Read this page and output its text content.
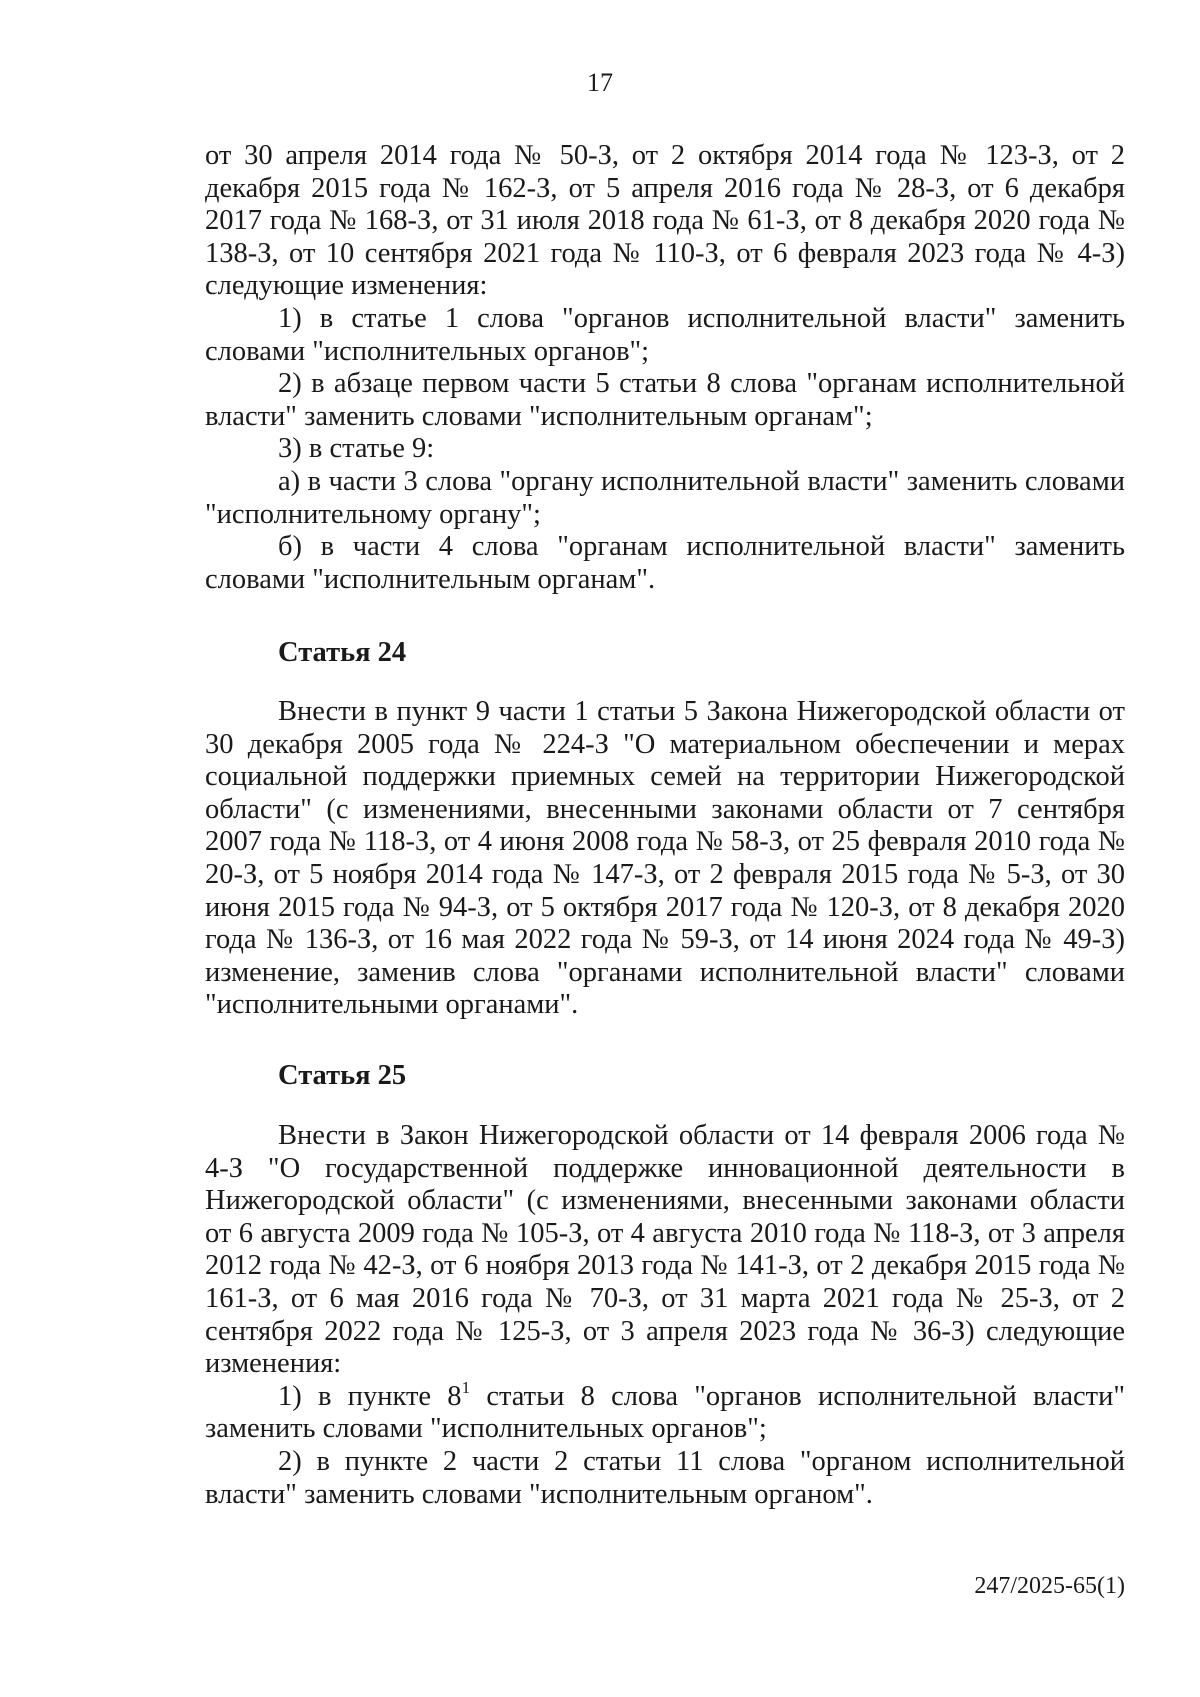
17

от 30 апреля 2014 года № 50-З, от 2 октября 2014 года № 123-З, от 2 декабря 2015 года № 162-З, от 5 апреля 2016 года № 28-З, от 6 декабря 2017 года № 168-З, от 31 июля 2018 года № 61-З, от 8 декабря 2020 года № 138-З, от 10 сентября 2021 года № 110-З, от 6 февраля 2023 года № 4-З) следующие изменения:

1) в статье 1 слова "органов исполнительной власти" заменить словами "исполнительных органов";

2) в абзаце первом части 5 статьи 8 слова "органам исполнительной власти" заменить словами "исполнительным органам";

3) в статье 9:

а) в части 3 слова "органу исполнительной власти" заменить словами "исполнительному органу";

б) в части 4 слова "органам исполнительной власти" заменить словами "исполнительным органам".

Статья 24

Внести в пункт 9 части 1 статьи 5 Закона Нижегородской области от 30 декабря 2005 года № 224-З "О материальном обеспечении и мерах социальной поддержки приемных семей на территории Нижегородской области" (с изменениями, внесенными законами области от 7 сентября 2007 года № 118-З, от 4 июня 2008 года № 58-З, от 25 февраля 2010 года № 20-З, от 5 ноября 2014 года № 147-З, от 2 февраля 2015 года № 5-З, от 30 июня 2015 года № 94-З, от 5 октября 2017 года № 120-З, от 8 декабря 2020 года № 136-З, от 16 мая 2022 года № 59-З, от 14 июня 2024 года № 49-З) изменение, заменив слова "органами исполнительной власти" словами "исполнительными органами".

Статья 25

Внести в Закон Нижегородской области от 14 февраля 2006 года № 4-З "О государственной поддержке инновационной деятельности в Нижегородской области" (с изменениями, внесенными законами области от 6 августа 2009 года № 105-З, от 4 августа 2010 года № 118-З, от 3 апреля 2012 года № 42-З, от 6 ноября 2013 года № 141-З, от 2 декабря 2015 года № 161-З, от 6 мая 2016 года № 70-З, от 31 марта 2021 года № 25-З, от 2 сентября 2022 года № 125-З, от 3 апреля 2023 года № 36-З) следующие изменения:

1) в пункте $8^1$ статьи 8 слова "органов исполнительной власти" заменить словами "исполнительных органов";

2) в пункте 2 части 2 статьи 11 слова "органом исполнительной власти" заменить словами "исполнительным органом".

247/2025-65(1)
